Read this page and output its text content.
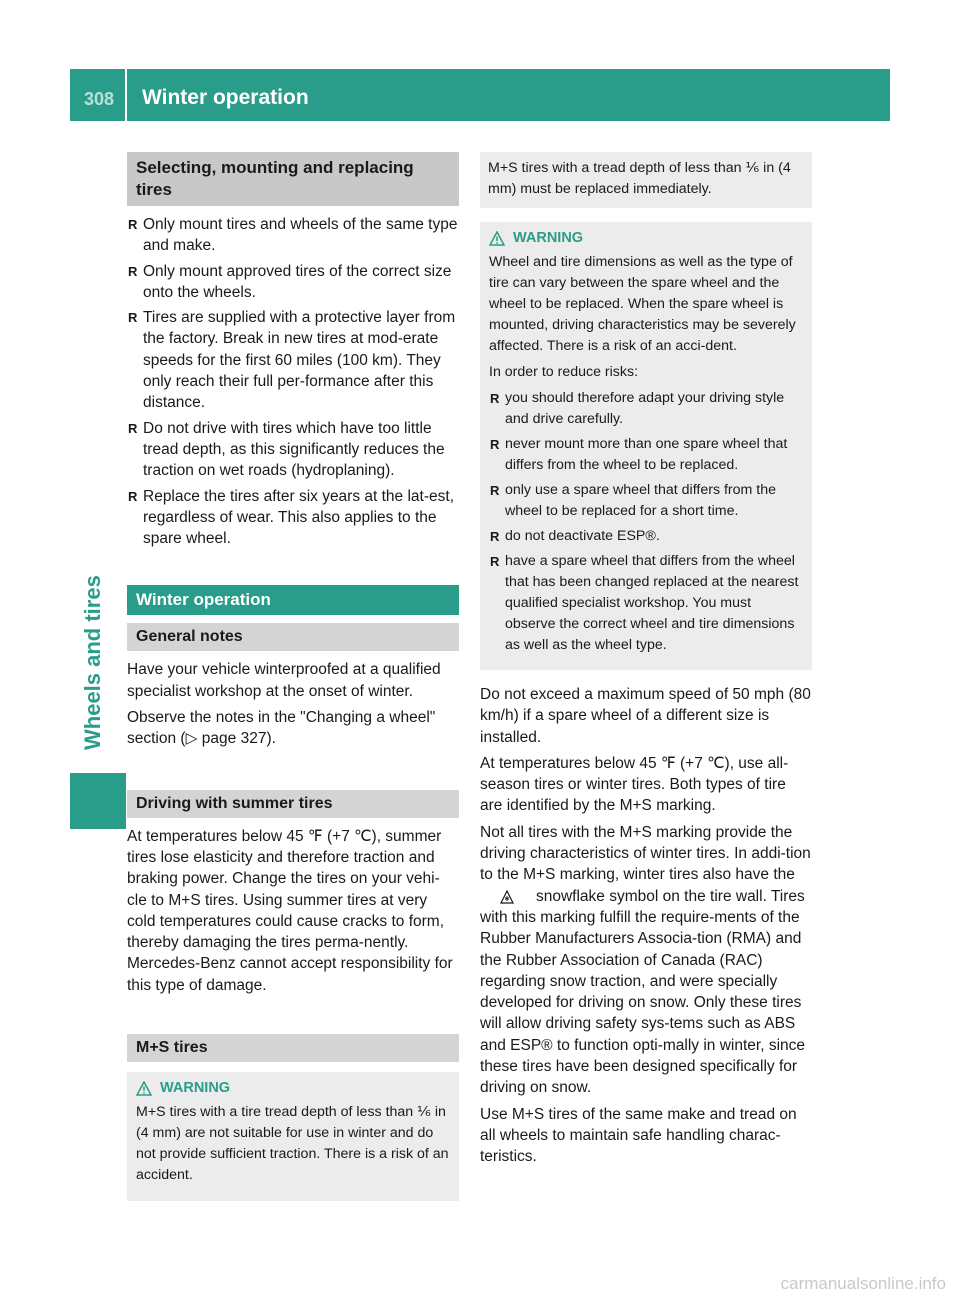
308 Winter operation
Wheels and tires
Selecting, mounting and replacing tires
R Only mount tires and wheels of the same type and make.
R Only mount approved tires of the correct size onto the wheels.
R Tires are supplied with a protective layer from the factory. Break in new tires at mod-erate speeds for the first 60 miles (100 km). They only reach their full per-formance after this distance.
R Do not drive with tires which have too little tread depth, as this significantly reduces the traction on wet roads (hydroplaning).
R Replace the tires after six years at the lat-est, regardless of wear. This also applies to the spare wheel.
Winter operation
General notes

Have your vehicle winterproofed at a qualified specialist workshop at the onset of winter.

Observe the notes in the "Changing a wheel" section (▷ page 327).

Driving with summer tires

At temperatures below 45 ℉ (+7 ℃), summer tires lose elasticity and therefore traction and braking power. Change the tires on your vehi-cle to M+S tires. Using summer tires at very cold temperatures could cause cracks to form, thereby damaging the tires perma-nently. Mercedes-Benz cannot accept responsibility for this type of damage.

M+S tires
WARNING

M+S tires with a tire tread depth of less than ⅙ in (4 mm) are not suitable for use in winter and do not provide sufficient traction. There is a risk of an accident.

M+S tires with a tread depth of less than ⅙ in (4 mm) must be replaced immediately.

WARNING

Wheel and tire dimensions as well as the type of tire can vary between the spare wheel and the wheel to be replaced. When the spare wheel is mounted, driving characteristics may be severely affected. There is a risk of an acci-dent.

In order to reduce risks:

R you should therefore adapt your driving style and drive carefully.
R never mount more than one spare wheel that differs from the wheel to be replaced.
R only use a spare wheel that differs from the wheel to be replaced for a short time.
R do not deactivate ESP®.
R have a spare wheel that differs from the wheel that has been changed replaced at the nearest qualified specialist workshop. You must observe the correct wheel and tire dimensions as well as the wheel type.

Do not exceed a maximum speed of 50 mph (80 km/h) if a spare wheel of a different size is installed.

At temperatures below 45 ℉ (+7 ℃), use all-season tires or winter tires. Both types of tire are identified by the M+S marking.

Not all tires with the M+S marking provide the driving characteristics of winter tires. In addi-tion to the M+S marking, winter tires also have thesnowflake symbol on the tire wall. Tires with this marking fulfill the require-ments of the Rubber Manufacturers Associa-tion (RMA) and the Rubber Association of Canada (RAC) regarding snow traction, and were specially developed for driving on snow. Only these tires will allow driving safety sys-tems such as ABS and ESP® to function opti-mally in winter, since these tires have been designed specifically for driving on snow.

Use M+S tires of the same make and tread on all wheels to maintain safe handling charac-teristics.

carmanualsonline.info
